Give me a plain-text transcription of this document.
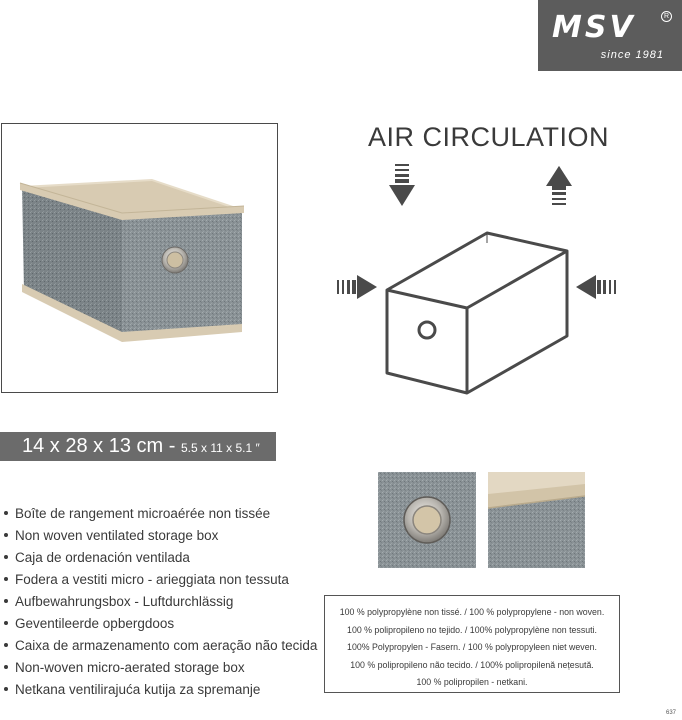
MSV	R
since 1981
AIR CIRCULATION
14 x 28 x 13 cm - 5.5 x 11 x 5.1 ″
Boîte de rangement microaérée non tissée
Non woven ventilated storage box
Caja de ordenación ventilada
Fodera a vestiti micro - arieggiata non tessuta
Aufbewahrungsbox - Luftdurchlässig
Geventileerde opbergdoos
Caixa de armazenamento com aeração não tecida
Non-woven micro-aerated storage box
Netkana ventilirajuća kutija za spremanje

100 % polypropylène non tissé. / 100 % polypropylene - non woven.

100 % polipropileno no tejido. / 100% polypropylène non tessuti.

100% Polypropylen - Fasern. / 100 % polypropyleen niet weven.

100 % polipropileno não tecido. / 100% polipropilenă nețesută.

100 % polipropilen - netkani.

637
